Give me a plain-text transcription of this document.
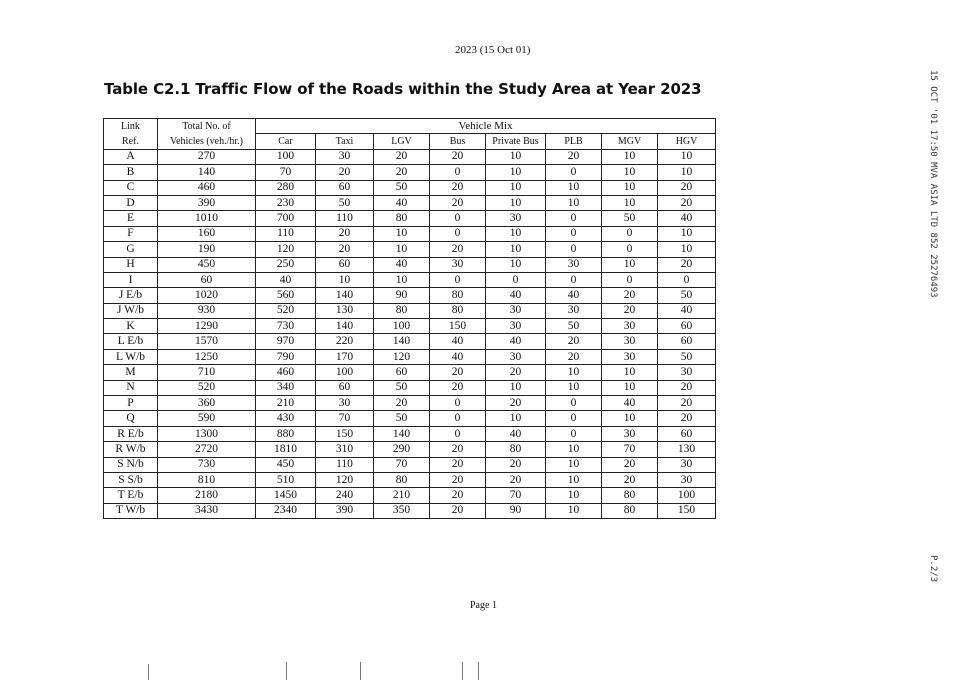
2023 (15 Oct 01)
Table C2.1 Traffic Flow of the Roads within the Study Area at Year 2023	15 OCT '01 17:50 MVA ASIA LTD 852 25276493
P.2/3
Link	Total No. of	Vehicle Mix							
Ref.	Vehicles (veh./hr.)	Car	Taxi	LGV	Bus	Private Bus	PLB	MGV	HGV
A	270	100	30	20	20	10	20	10	10
B	140	70	20	20	0	10	0	10	10
C	460	280	60	50	20	10	10	10	20
D	390	230	50	40	20	10	10	10	20
E	1010	700	110	80	0	30	0	50	40
F	160	110	20	10	0	10	0	0	10
G	190	120	20	10	20	10	0	0	10
H	450	250	60	40	30	10	30	10	20
I	60	40	10	10	0	0	0	0	0
J E/b	1020	560	140	90	80	40	40	20	50
J W/b	930	520	130	80	80	30	30	20	40
K	1290	730	140	100	150	30	50	30	60
L E/b	1570	970	220	140	40	40	20	30	60
L W/b	1250	790	170	120	40	30	20	30	50
M	710	460	100	60	20	20	10	10	30
N	520	340	60	50	20	10	10	10	20
P	360	210	30	20	0	20	0	40	20
Q	590	430	70	50	0	10	0	10	20
R E/b	1300	880	150	140	0	40	0	30	60
R W/b	2720	1810	310	290	20	80	10	70	130
S N/b	730	450	110	70	20	20	10	20	30
S S/b	810	510	120	80	20	20	10	20	30
T E/b	2180	1450	240	210	20	70	10	80	100
T W/b	3430	2340	390	350	20	90	10	80	150
Page 1
